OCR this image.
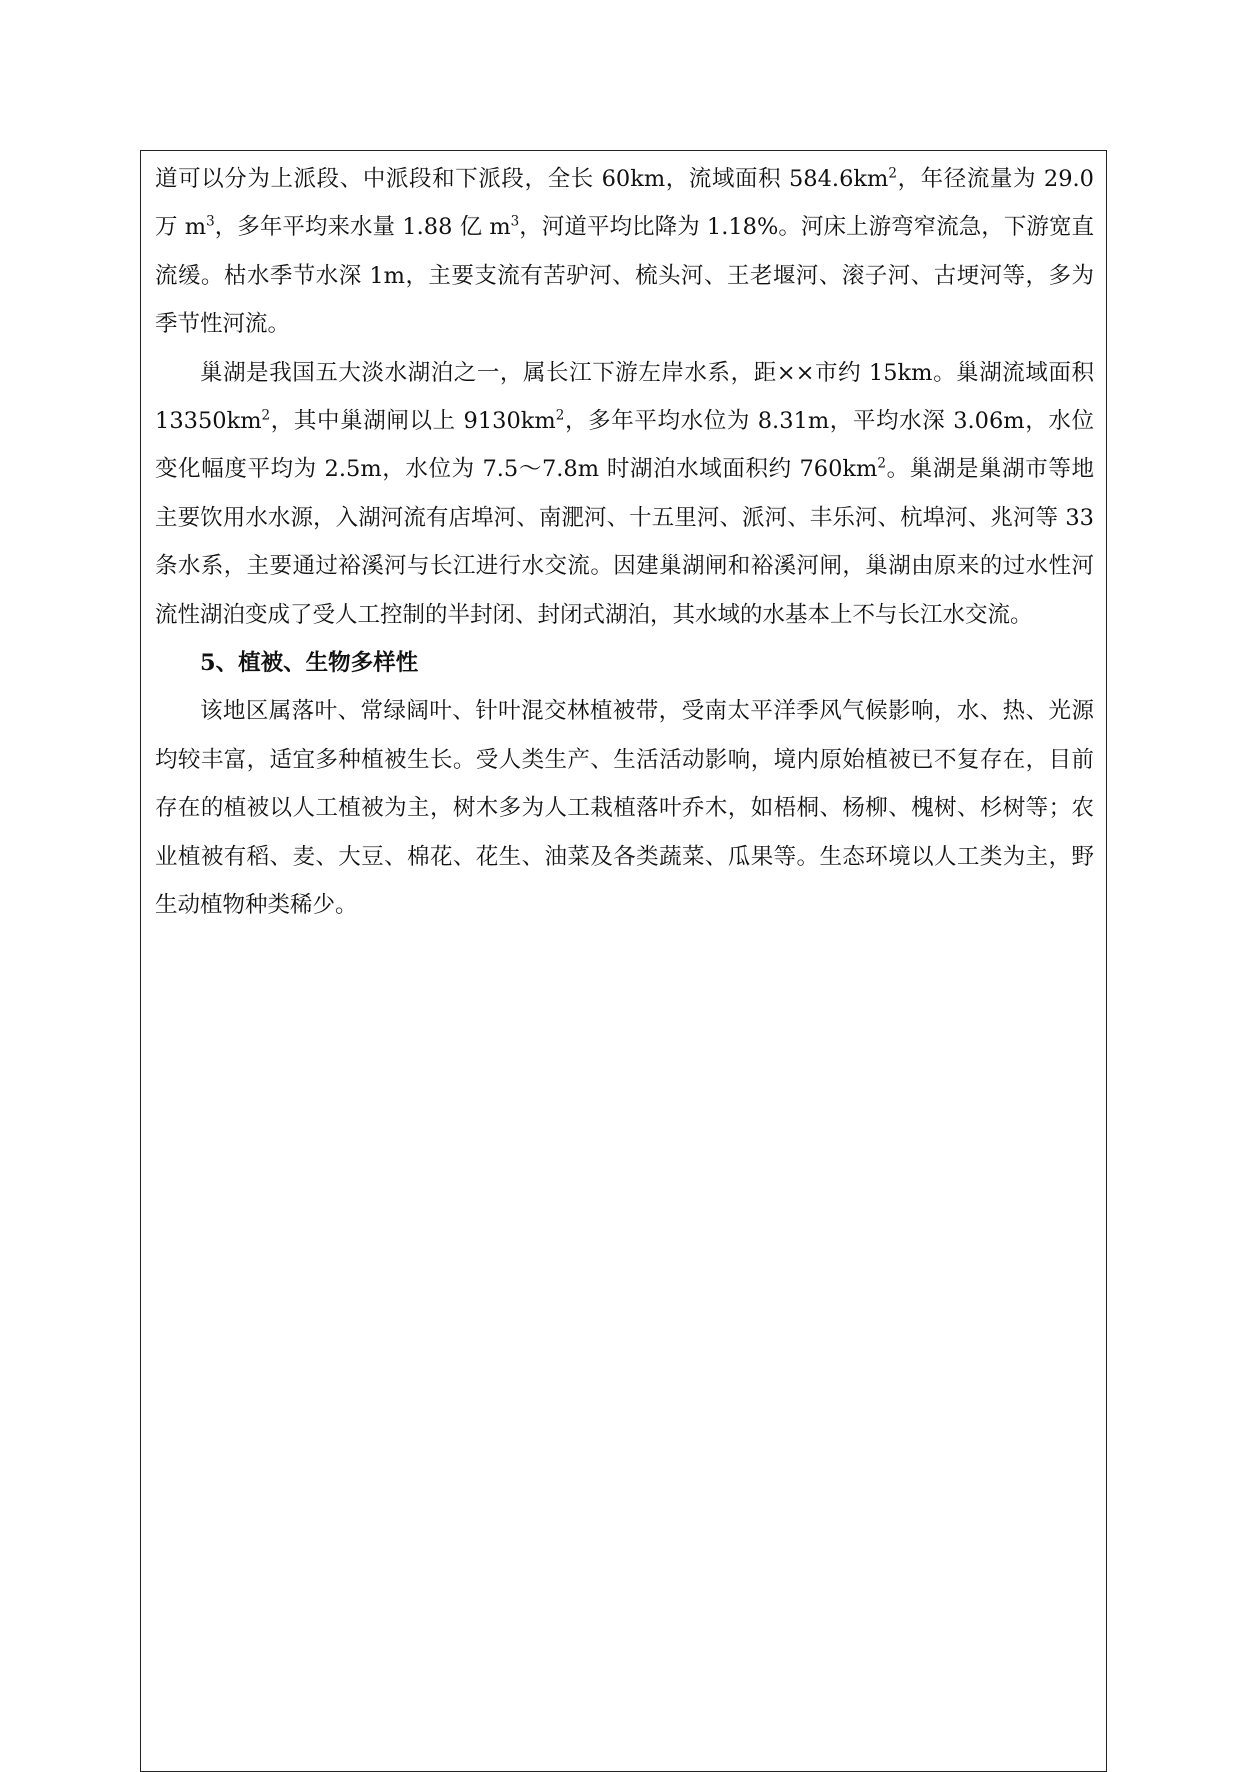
道可以分为上派段、中派段和下派段，全长 60km，流域面积 $584.6km^2$，年径流量为 29.0 万 $m^3$，多年平均来水量 1.88 亿 $m^3$，河道平均比降为 1.18%。河床上游弯窄流急，下游宽直流缓。枯水季节水深 1m，主要支流有苦驴河、梳头河、王老堰河、滚子河、古埂河等，多为季节性河流。

巢湖是我国五大淡水湖泊之一，属长江下游左岸水系，距××市约 15km。巢湖流域面积 $13350km^2$，其中巢湖闸以上 $9130km^2$，多年平均水位为 8.31m，平均水深 3.06m，水位变化幅度平均为 2.5m，水位为 7.5～7.8m 时湖泊水域面积约 $760km^2$。巢湖是巢湖市等地主要饮用水水源，入湖河流有店埠河、南淝河、十五里河、派河、丰乐河、杭埠河、兆河等 33 条水系，主要通过裕溪河与长江进行水交流。因建巢湖闸和裕溪河闸，巢湖由原来的过水性河流性湖泊变成了受人工控制的半封闭、封闭式湖泊，其水域的水基本上不与长江水交流。

5、植被、生物多样性

该地区属落叶、常绿阔叶、针叶混交林植被带，受南太平洋季风气候影响，水、热、光源均较丰富，适宜多种植被生长。受人类生产、生活活动影响，境内原始植被已不复存在，目前存在的植被以人工植被为主，树木多为人工栽植落叶乔木，如梧桐、杨柳、槐树、杉树等；农业植被有稻、麦、大豆、棉花、花生、油菜及各类蔬菜、瓜果等。生态环境以人工类为主，野生动植物种类稀少。
